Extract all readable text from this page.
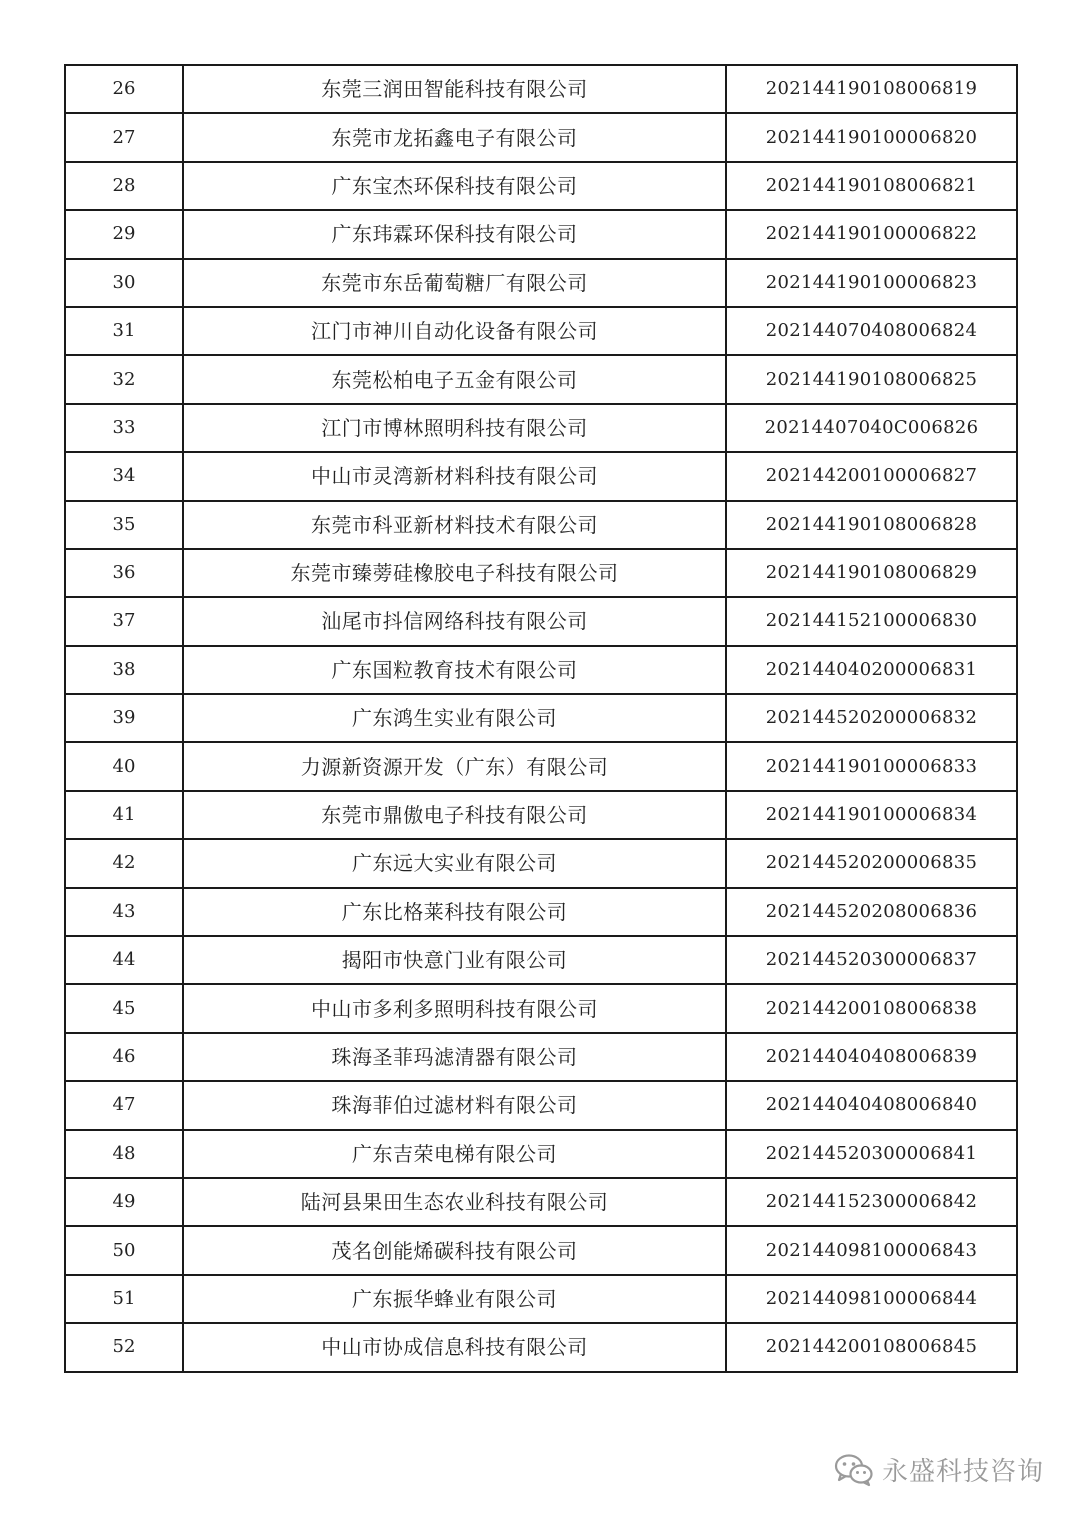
26	东莞三润田智能科技有限公司	202144190108006819
27	东莞市龙拓鑫电子有限公司	202144190100006820
28	广东宝杰环保科技有限公司	202144190108006821
29	广东玮霖环保科技有限公司	202144190100006822
30	东莞市东岳葡萄糖厂有限公司	202144190100006823
31	江门市神川自动化设备有限公司	202144070408006824
32	东莞松柏电子五金有限公司	202144190108006825
33	江门市博林照明科技有限公司	20214407040C006826
34	中山市灵湾新材料科技有限公司	202144200100006827
35	东莞市科亚新材料技术有限公司	202144190108006828
36	东莞市臻蒡硅橡胶电子科技有限公司	202144190108006829
37	汕尾市抖信网络科技有限公司	202144152100006830
38	广东国粒教育技术有限公司	202144040200006831
39	广东鸿生实业有限公司	202144520200006832
40	力源新资源开发（广东）有限公司	202144190100006833
41	东莞市鼎傲电子科技有限公司	202144190100006834
42	广东远大实业有限公司	202144520200006835
43	广东比格莱科技有限公司	202144520208006836
44	揭阳市快意门业有限公司	202144520300006837
45	中山市多利多照明科技有限公司	202144200108006838
46	珠海圣菲玛滤清器有限公司	202144040408006839
47	珠海菲伯过滤材料有限公司	202144040408006840
48	广东吉荣电梯有限公司	202144520300006841
49	陆河县果田生态农业科技有限公司	202144152300006842
50	茂名创能烯碳科技有限公司	202144098100006843
51	广东振华蜂业有限公司	202144098100006844
52	中山市协成信息科技有限公司	202144200108006845
永盛科技咨询
